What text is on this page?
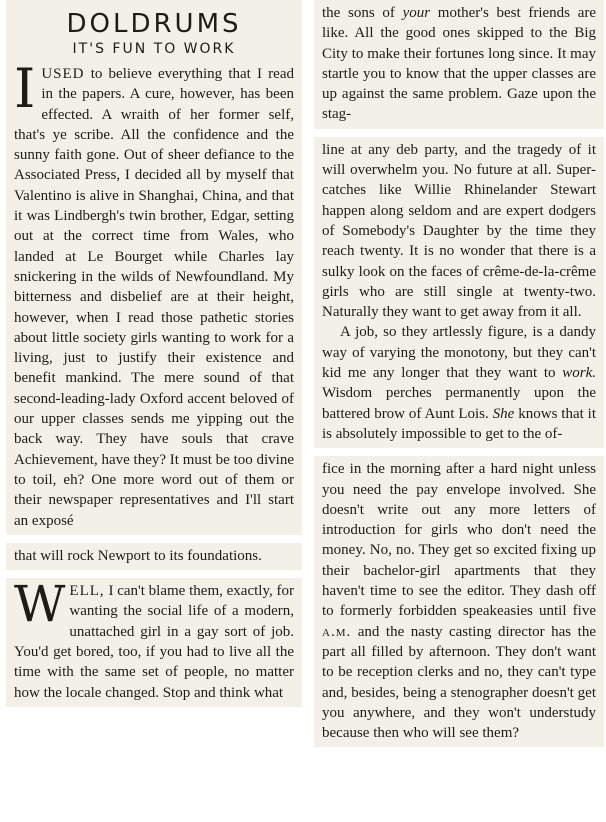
DOLDRUMS
IT'S FUN TO WORK

IUSED to believe everything that I read in the papers. A cure, however, has been effected. A wraith of her former self, that's ye scribe. All the confidence and the sunny faith gone. Out of sheer defiance to the Associated Press, I decided all by myself that Valentino is alive in Shanghai, China, and that it was Lindbergh's twin brother, Edgar, setting out at the correct time from Wales, who landed at Le Bourget while Charles lay snickering in the wilds of Newfoundland. My bitterness and disbelief are at their height, however, when I read those pathetic stories about little society girls wanting to work for a living, just to justify their existence and benefit mankind. The mere sound of that second-leading-lady Oxford accent beloved of our upper classes sends me yipping out the back way. They have souls that crave Achievement, have they? It must be too divine to toil, eh? One more word out of them or their newspaper representatives and I'll start an exposé

that will rock Newport to its foundations.

WELL, I can't blame them, exactly, for wanting the social life of a modern, unattached girl in a gay sort of job. You'd get bored, too, if you had to live all the time with the same set of people, no matter how the locale changed. Stop and think what

the sons of your mother's best friends are like. All the good ones skipped to the Big City to make their fortunes long since. It may startle you to know that the upper classes are up against the same problem. Gaze upon the stag-

line at any deb party, and the tragedy of it will overwhelm you. No future at all. Super-catches like Willie Rhinelander Stewart happen along seldom and are expert dodgers of Somebody's Daughter by the time they reach twenty. It is no wonder that there is a sulky look on the faces of crême-de-la-crême girls who are still single at twenty-two. Naturally they want to get away from it all.

A job, so they artlessly figure, is a dandy way of varying the monotony, but they can't kid me any longer that they want to work. Wisdom perches permanently upon the battered brow of Aunt Lois. She knows that it is absolutely impossible to get to the of-

fice in the morning after a hard night unless you need the pay envelope involved. She doesn't write out any more letters of introduction for girls who don't need the money. No, no. They get so excited fixing up their bachelor-girl apartments that they haven't time to see the editor. They dash off to formerly forbidden speakeasies until five a.m. and the nasty casting director has the part all filled by afternoon. They don't want to be reception clerks and no, they can't type and, besides, being a stenographer doesn't get you anywhere, and they won't understudy because then who will see them?
